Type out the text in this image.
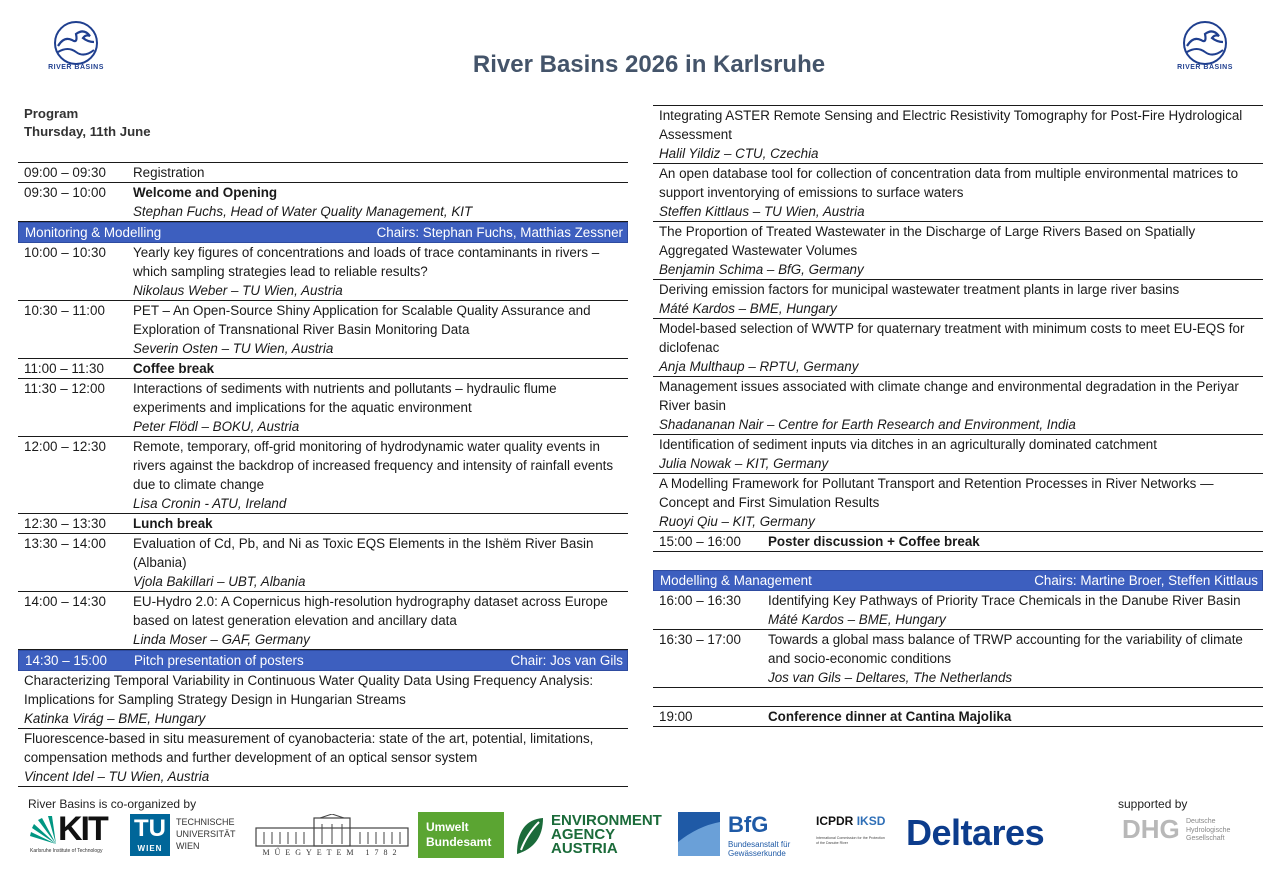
RIVER BASINS	RIVER BASINS
River Basins 2026 in Karlsruhe
Program
Thursday, 11th June
09:00 – 09:30	Registration
09:30 – 10:00	Welcome and Opening
Stephan Fuchs, Head of Water Quality Management, KIT
Monitoring & Modelling	Chairs: Stephan Fuchs, Matthias Zessner
10:00 – 10:30	Yearly key figures of concentrations and loads of trace contaminants in rivers – which sampling strategies lead to reliable results?
Nikolaus Weber – TU Wien, Austria
10:30 – 11:00	PET – An Open-Source Shiny Application for Scalable Quality Assurance and Exploration of Transnational River Basin Monitoring Data
Severin Osten – TU Wien, Austria
11:00 – 11:30	Coffee break
11:30 – 12:00	Interactions of sediments with nutrients and pollutants – hydraulic flume experiments and implications for the aquatic environment
Peter Flödl – BOKU, Austria
12:00 – 12:30	Remote, temporary, off-grid monitoring of hydrodynamic water quality events in rivers against the backdrop of increased frequency and intensity of rainfall events due to climate change
Lisa Cronin - ATU, Ireland
12:30 – 13:30	Lunch break
13:30 – 14:00	Evaluation of Cd, Pb, and Ni as Toxic EQS Elements in the Ishëm River Basin (Albania)
Vjola Bakillari – UBT, Albania
14:00 – 14:30	EU-Hydro 2.0: A Copernicus high-resolution hydrography dataset across Europe based on latest generation elevation and ancillary data
Linda Moser – GAF, Germany
14:30 – 15:00	Pitch presentation of posters	Chair: Jos van Gils
Characterizing Temporal Variability in Continuous Water Quality Data Using Frequency Analysis: Implications for Sampling Strategy Design in Hungarian Streams
Katinka Virág – BME, Hungary
Fluorescence-based in situ measurement of cyanobacteria: state of the art, potential, limitations, compensation methods and further development of an optical sensor system
Vincent Idel – TU Wien, Austria
Integrating ASTER Remote Sensing and Electric Resistivity Tomography for Post-Fire Hydrological Assessment
Halil Yildiz – CTU, Czechia
An open database tool for collection of concentration data from multiple environmental matrices to support inventorying of emissions to surface waters
Steffen Kittlaus – TU Wien, Austria
The Proportion of Treated Wastewater in the Discharge of Large Rivers Based on Spatially Aggregated Wastewater Volumes
Benjamin Schima – BfG, Germany
Deriving emission factors for municipal wastewater treatment plants in large river basins
Máté Kardos – BME, Hungary
Model-based selection of WWTP for quaternary treatment with minimum costs to meet EU-EQS for diclofenac
Anja Multhaup – RPTU, Germany
Management issues associated with climate change and environmental degradation in the Periyar River basin
Shadananan Nair – Centre for Earth Research and Environment, India
Identification of sediment inputs via ditches in an agriculturally dominated catchment
Julia Nowak – KIT, Germany
A Modelling Framework for Pollutant Transport and Retention Processes in River Networks — Concept and First Simulation Results
Ruoyi Qiu – KIT, Germany
15:00 – 16:00	Poster discussion + Coffee break
Modelling & Management	Chairs: Martine Broer, Steffen Kittlaus
16:00 – 16:30	Identifying Key Pathways of Priority Trace Chemicals in the Danube River Basin
Máté Kardos – BME, Hungary
16:30 – 17:00	Towards a global mass balance of TRWP accounting for the variability of climate and socio-economic conditions
Jos van Gils – Deltares, The Netherlands
19:00	Conference dinner at Cantina Majolika
River Basins is co-organized by	supported by
KIT
Karlsruhe Institute of Technology
TU
WIEN
TECHNISCHE
UNIVERSITÄT
WIEN
MŰEGYETEM 1782
Umwelt
Bundesamt
ENVIRONMENT
AGENCY
AUSTRIA
BfG
Bundesanstalt für
Gewässerkunde
ICPDR IKSD
International Commission for the Protection of the Danube River	Deltares	DHG Deutsche
Hydrologische
Gesellschaft
